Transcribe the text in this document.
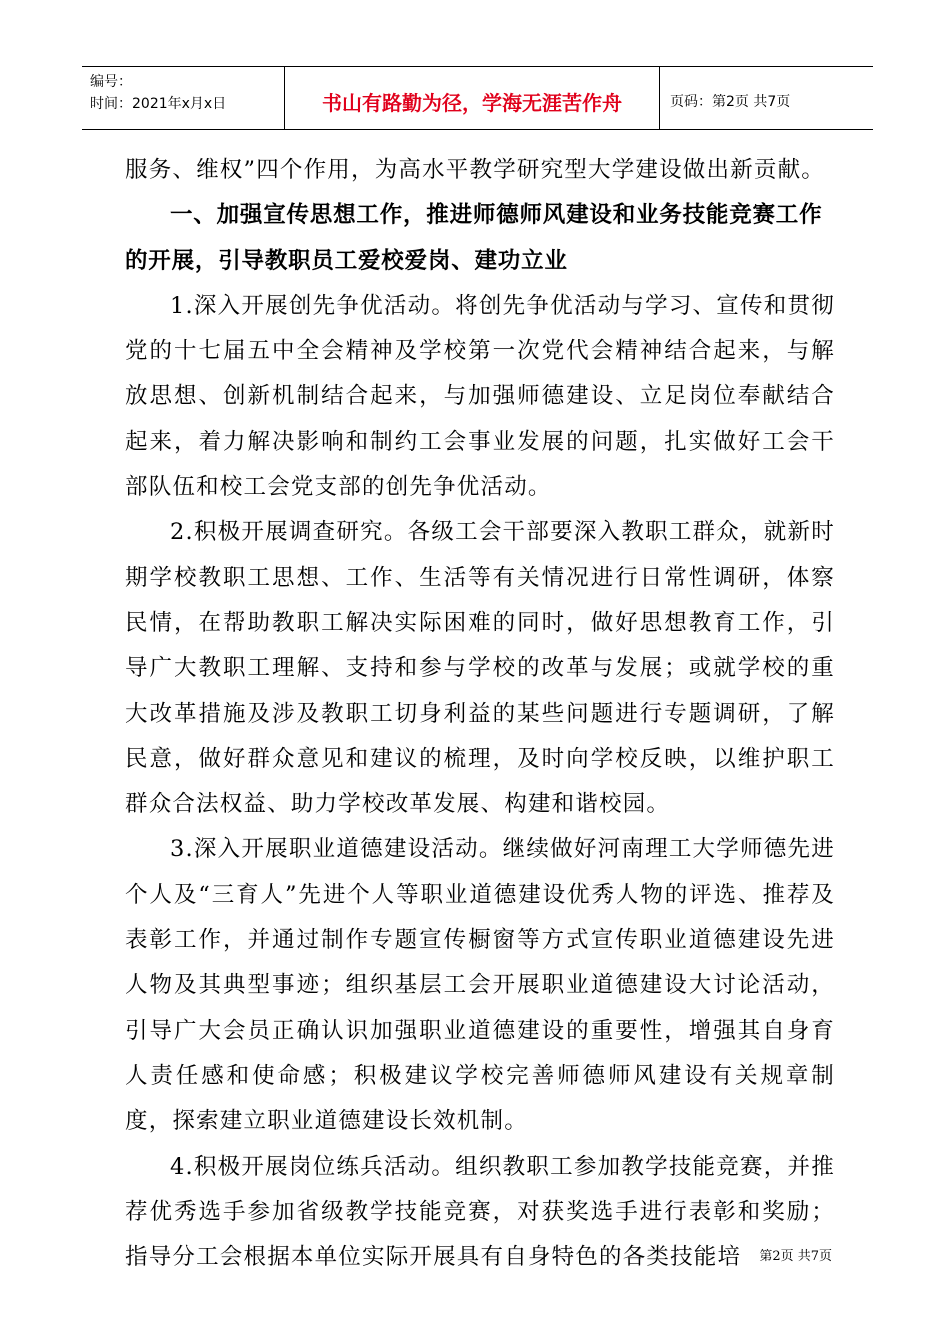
编号：
时间：2021年x月x日	书山有路勤为径，学海无涯苦作舟	页码：第2页 共7页

服务、维权”四个作用，为高水平教学研究型大学建设做出新贡献。

一、加强宣传思想工作，推进师德师风建设和业务技能竞赛工作的开展，引导教职员工爱校爱岗、建功立业

1.深入开展创先争优活动。将创先争优活动与学习、宣传和贯彻党的十七届五中全会精神及学校第一次党代会精神结合起来，与解放思想、创新机制结合起来，与加强师德建设、立足岗位奉献结合起来，着力解决影响和制约工会事业发展的问题，扎实做好工会干部队伍和校工会党支部的创先争优活动。

2.积极开展调查研究。各级工会干部要深入教职工群众，就新时期学校教职工思想、工作、生活等有关情况进行日常性调研，体察民情，在帮助教职工解决实际困难的同时，做好思想教育工作，引导广大教职工理解、支持和参与学校的改革与发展；或就学校的重大改革措施及涉及教职工切身利益的某些问题进行专题调研，了解民意，做好群众意见和建议的梳理，及时向学校反映，以维护职工群众合法权益、助力学校改革发展、构建和谐校园。

3.深入开展职业道德建设活动。继续做好河南理工大学师德先进个人及“三育人”先进个人等职业道德建设优秀人物的评选、推荐及表彰工作，并通过制作专题宣传橱窗等方式宣传职业道德建设先进人物及其典型事迹；组织基层工会开展职业道德建设大讨论活动，引导广大会员正确认识加强职业道德建设的重要性，增强其自身育人责任感和使命感；积极建议学校完善师德师风建设有关规章制度，探索建立职业道德建设长效机制。

4.积极开展岗位练兵活动。组织教职工参加教学技能竞赛，并推荐优秀选手参加省级教学技能竞赛，对获奖选手进行表彰和奖励；指导分工会根据本单位实际开展具有自身特色的各类技能培	第2页 共7页
